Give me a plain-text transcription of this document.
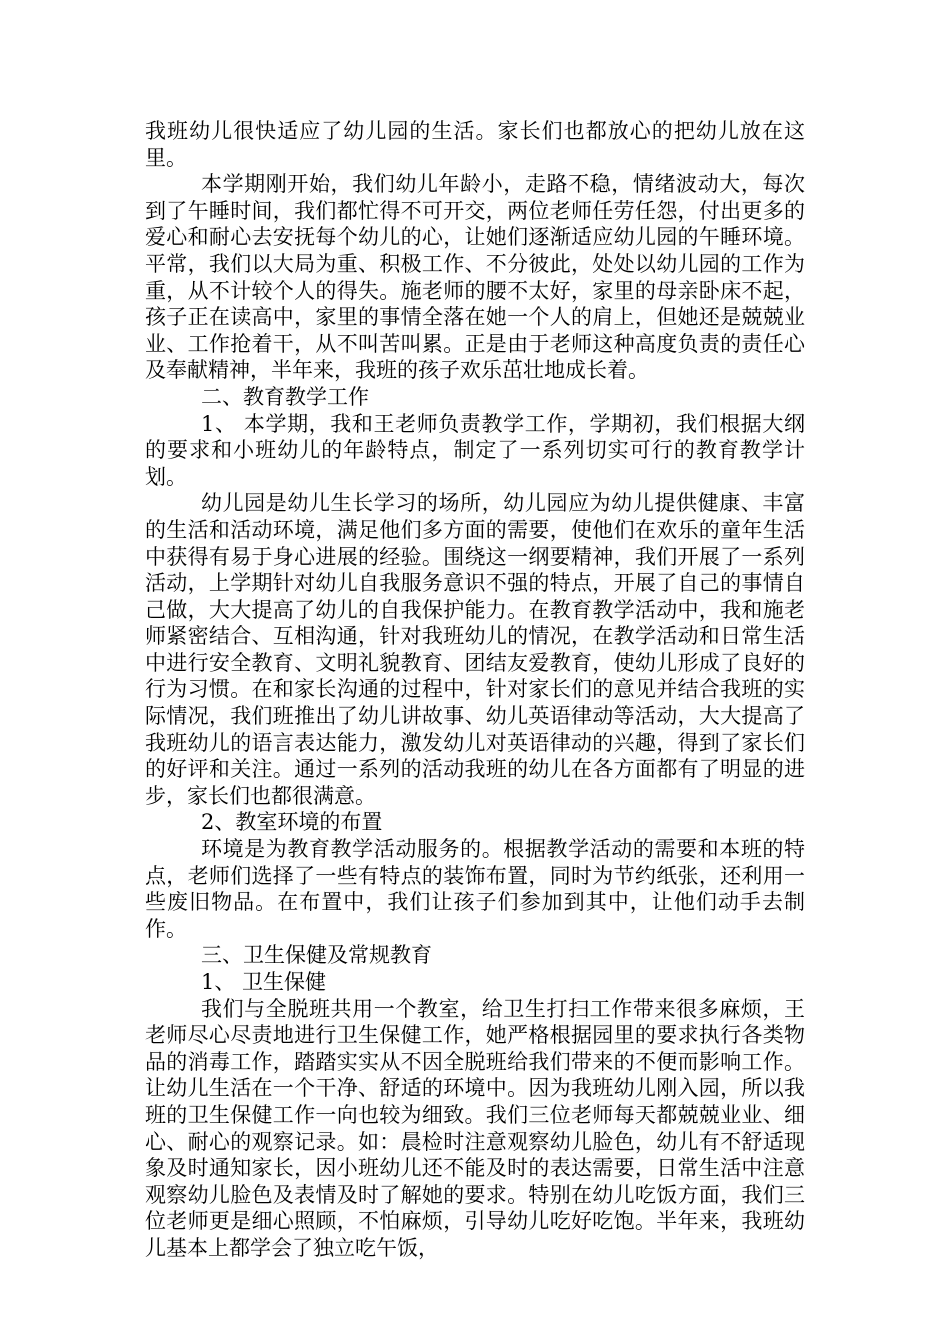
我班幼儿很快适应了幼儿园的生活。家长们也都放心的把幼儿放在这里。

本学期刚开始，我们幼儿年龄小，走路不稳，情绪波动大，每次到了午睡时间，我们都忙得不可开交，两位老师任劳任怨，付出更多的爱心和耐心去安抚每个幼儿的心，让她们逐渐适应幼儿园的午睡环境。平常，我们以大局为重、积极工作、不分彼此，处处以幼儿园的工作为重，从不计较个人的得失。施老师的腰不太好，家里的母亲卧床不起，孩子正在读高中，家里的事情全落在她一个人的肩上，但她还是兢兢业业、工作抢着干，从不叫苦叫累。正是由于老师这种高度负责的责任心及奉献精神，半年来，我班的孩子欢乐茁壮地成长着。

二、教育教学工作

1、 本学期，我和王老师负责教学工作，学期初，我们根据大纲的要求和小班幼儿的年龄特点，制定了一系列切实可行的教育教学计划。

幼儿园是幼儿生长学习的场所，幼儿园应为幼儿提供健康、丰富的生活和活动环境，满足他们多方面的需要，使他们在欢乐的童年生活中获得有易于身心进展的经验。围绕这一纲要精神，我们开展了一系列活动，上学期针对幼儿自我服务意识不强的特点，开展了自己的事情自己做，大大提高了幼儿的自我保护能力。在教育教学活动中，我和施老师紧密结合、互相沟通，针对我班幼儿的情况，在教学活动和日常生活中进行安全教育、文明礼貌教育、团结友爱教育，使幼儿形成了良好的行为习惯。在和家长沟通的过程中，针对家长们的意见并结合我班的实际情况，我们班推出了幼儿讲故事、幼儿英语律动等活动，大大提高了我班幼儿的语言表达能力，激发幼儿对英语律动的兴趣，得到了家长们的好评和关注。通过一系列的活动我班的幼儿在各方面都有了明显的进步，家长们也都很满意。

2、教室环境的布置

环境是为教育教学活动服务的。根据教学活动的需要和本班的特点，老师们选择了一些有特点的装饰布置，同时为节约纸张，还利用一些废旧物品。在布置中，我们让孩子们参加到其中，让他们动手去制作。

三、卫生保健及常规教育

1、 卫生保健

我们与全脱班共用一个教室，给卫生打扫工作带来很多麻烦，王老师尽心尽责地进行卫生保健工作，她严格根据园里的要求执行各类物品的消毒工作，踏踏实实从不因全脱班给我们带来的不便而影响工作。让幼儿生活在一个干净、舒适的环境中。因为我班幼儿刚入园，所以我班的卫生保健工作一向也较为细致。我们三位老师每天都兢兢业业、细心、耐心的观察记录。如：晨检时注意观察幼儿脸色，幼儿有不舒适现象及时通知家长，因小班幼儿还不能及时的表达需要，日常生活中注意观察幼儿脸色及表情及时了解她的要求。特别在幼儿吃饭方面，我们三位老师更是细心照顾，不怕麻烦，引导幼儿吃好吃饱。半年来，我班幼儿基本上都学会了独立吃午饭，
